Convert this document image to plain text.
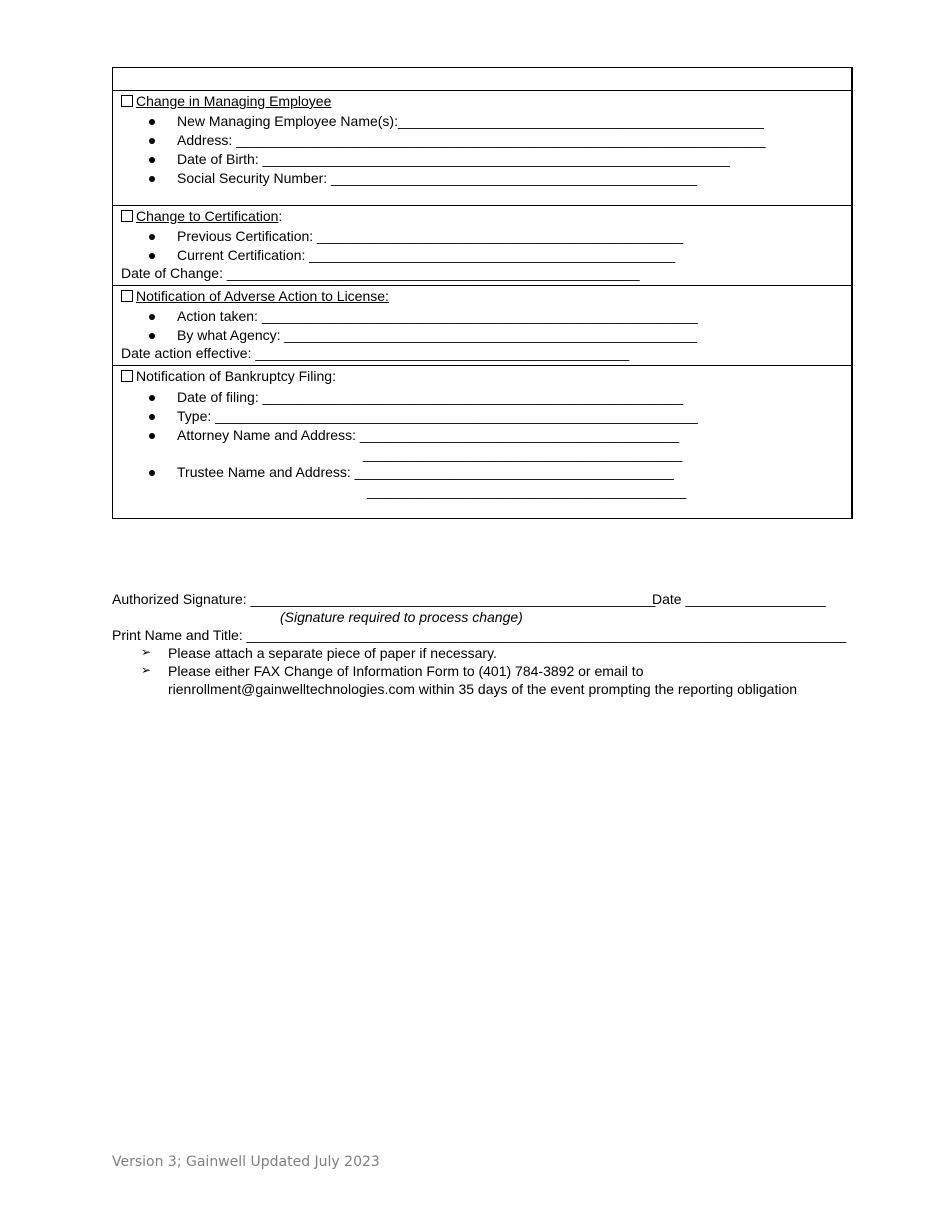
Change in Managing Employee
New Managing Employee Name(s):_______________________________________________
Address: ____________________________________________________________________
Date of Birth: ____________________________________________________________
Social Security Number: _______________________________________________
Change to Certification:
Previous Certification: _______________________________________________
Current Certification: _______________________________________________
Date of Change: _____________________________________________________
Notification of Adverse Action to License:
Action taken: ________________________________________________________
By what Agency: _____________________________________________________
Date action effective: ________________________________________________
Notification of Bankruptcy Filing:
Date of filing: ______________________________________________________
Type: ______________________________________________________________
Attorney Name and Address: _________________________________________
_________________________________________
Trustee Name and Address: _________________________________________
_________________________________________
Authorized Signature: ____________________________________________________
Date __________________
(Signature required to process change)
Print Name and Title: _____________________________________________________________________________
➢ Please attach a separate piece of paper if necessary.
➢ Please either FAX Change of Information Form to (401) 784-3892 or email to
rienrollment@gainwelltechnologies.com within 35 days of the event prompting the reporting obligation
Version 3; Gainwell Updated July 2023
